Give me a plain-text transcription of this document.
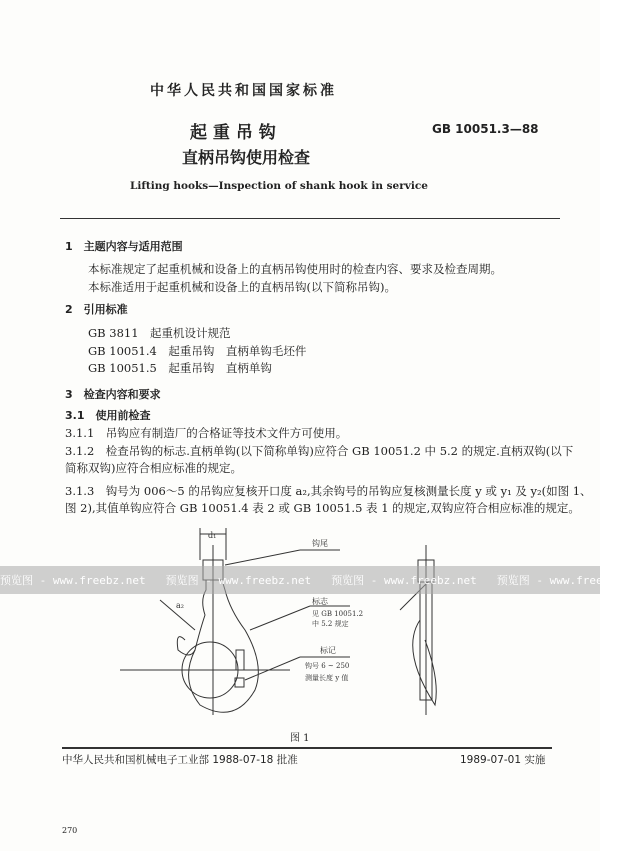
中华人民共和国国家标准
起 重 吊 钩
直柄吊钩使用检查
GB 10051.3—88
Lifting hooks—Inspection of shank hook in service
1　主题内容与适用范围
本标准规定了起重机械和设备上的直柄吊钩使用时的检查内容、要求及检查周期。
本标准适用于起重机械和设备上的直柄吊钩(以下简称吊钩)。
2　引用标准
GB 3811　起重机设计规范
GB 10051.4　起重吊钩　直柄单钩毛坯件
GB 10051.5　起重吊钩　直柄单钩
3　检查内容和要求
3.1　使用前检查
3.1.1　吊钩应有制造厂的合格证等技术文件方可使用。
3.1.2　检查吊钩的标志.直柄单钩(以下简称单钩)应符合 GB 10051.2 中 5.2 的规定.直柄双钩(以下
简称双钩)应符合相应标准的规定。
3.1.3　钩号为 006～5 的吊钩应复核开口度 a₂,其余钩号的吊钩应复核测量长度 y 或 y₁ 及 y₂(如图 1、
图 2),其值单钩应符合 GB 10051.4 表 2 或 GB 10051.5 表 1 的规定,双钩应符合相应标准的规定。
d₁
钩尾
标志
见 GB 10051.2
中 5.2 规定
标记
钩号 6 ~ 250
测量长度 y 值
a₂
预览图 - www.freebz.net 预览图 - www.freebz.net 预览图 - www.freebz.net 预览图 - www.freebz.net
图 1
中华人民共和国机械电子工业部 1988-07-18 批准	1989-07-01 实施
270
